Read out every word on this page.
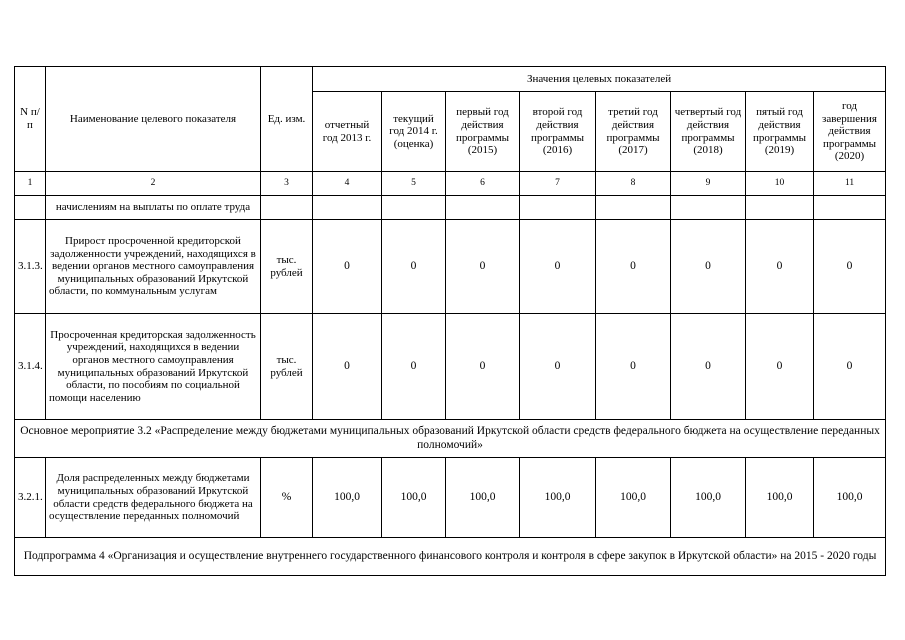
N п/п	Наименование целевого показателя	Ед. изм.	Значения целевых показателей							
			отчетный год 2013 г.	текущий год 2014 г. (оценка)	первый год действия программы (2015)	второй год действия программы (2016)	третий год действия программы (2017)	четвертый год действия программы (2018)	пятый год действия программы (2019)	год завершения действия программы (2020)
1	2	3	4	5	6	7	8	9	10	11
	начислениям на выплаты по оплате труда									
3.1.3.	Прирост просроченной кредиторской задолженности учреждений, находящихся в ведении органов местного самоуправления муниципальных образований Иркутской области, по коммунальным услугам	тыс. рублей	0	0	0	0	0	0	0	0
3.1.4.	Просроченная кредиторская задолженность учреждений, находящихся в ведении органов местного самоуправления муниципальных образований Иркутской области, по пособиям по социальной помощи населению	тыс. рублей	0	0	0	0	0	0	0	0
Основное мероприятие 3.2 «Распределение между бюджетами муниципальных образований Иркутской области средств федерального бюджета на осуществление переданных полномочий»										
3.2.1.	Доля распределенных между бюджетами муниципальных образований Иркутской области средств федерального бюджета на осуществление переданных полномочий	%	100,0	100,0	100,0	100,0	100,0	100,0	100,0	100,0
Подпрограмма 4 «Организация и осуществление внутреннего государственного финансового контроля и контроля в сфере закупок в Иркутской области» на 2015 - 2020 годы										
